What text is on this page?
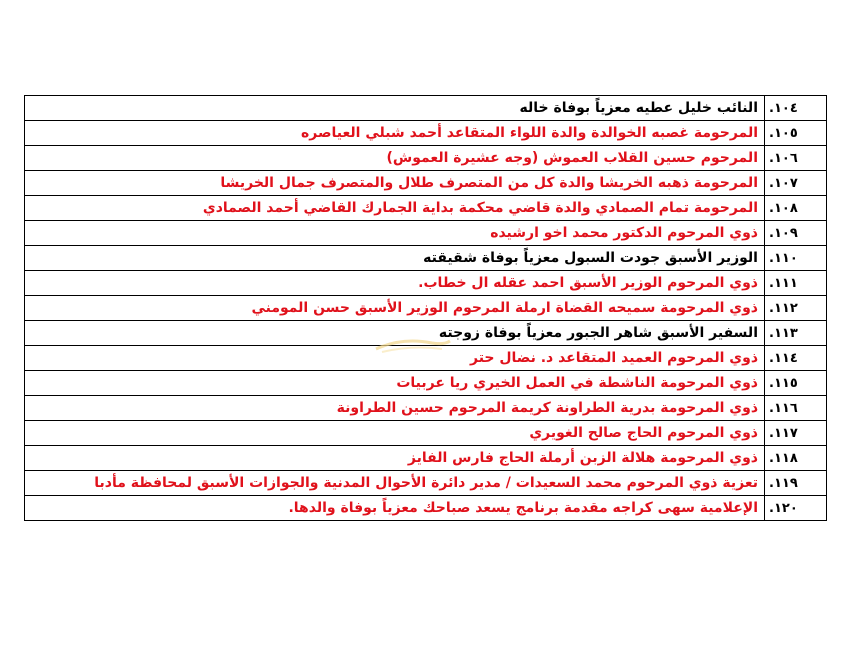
النائب خليل عطيه معزياً بوفاة خاله	.١٠٤
المرحومة غصبه الخوالدة والدة اللواء المتقاعد أحمد شبلي العياصره	.١٠٥
المرحوم حسين القلاب العموش (وجه عشيرة العموش)	.١٠٦
المرحومة ذهبه الخريشا والدة كل من المتصرف طلال والمتصرف جمال الخريشا	.١٠٧
المرحومة تمام الصمادي والدة قاضي محكمة بداية الجمارك القاضي أحمد الصمادي	.١٠٨
ذوي المرحوم الدكتور محمد اخو ارشيده	.١٠٩
الوزير الأسبق جودت السبول معزياً بوفاة شقيقته	.١١٠
ذوي المرحوم الوزير الأسبق احمد عقله ال خطاب.	.١١١
ذوي المرحومة سميحه القضاة ارملة المرحوم الوزير الأسبق حسن المومني	.١١٢
السفير الأسبق شاهر الجبور معزياً بوفاة زوجته	.١١٣
ذوي المرحوم العميد المتقاعد د. نضال حتر	.١١٤
ذوي المرحومة الناشطة في العمل الخيري ريا عربيات	.١١٥
ذوي المرحومة بدرية الطراونة كريمة المرحوم حسين الطراونة	.١١٦
ذوي المرحوم الحاج صالح الغويري	.١١٧
ذوي المرحومة هلالة الزبن أرملة الحاج فارس الفايز	.١١٨
تعزية ذوي المرحوم محمد السعيدات / مدير دائرة الأحوال المدنية والجوازات الأسبق لمحافظة مأدبا	.١١٩
الإعلامية سهى كراجه مقدمة برنامج يسعد صباحك معزياً بوفاة والدها.	.١٢٠
